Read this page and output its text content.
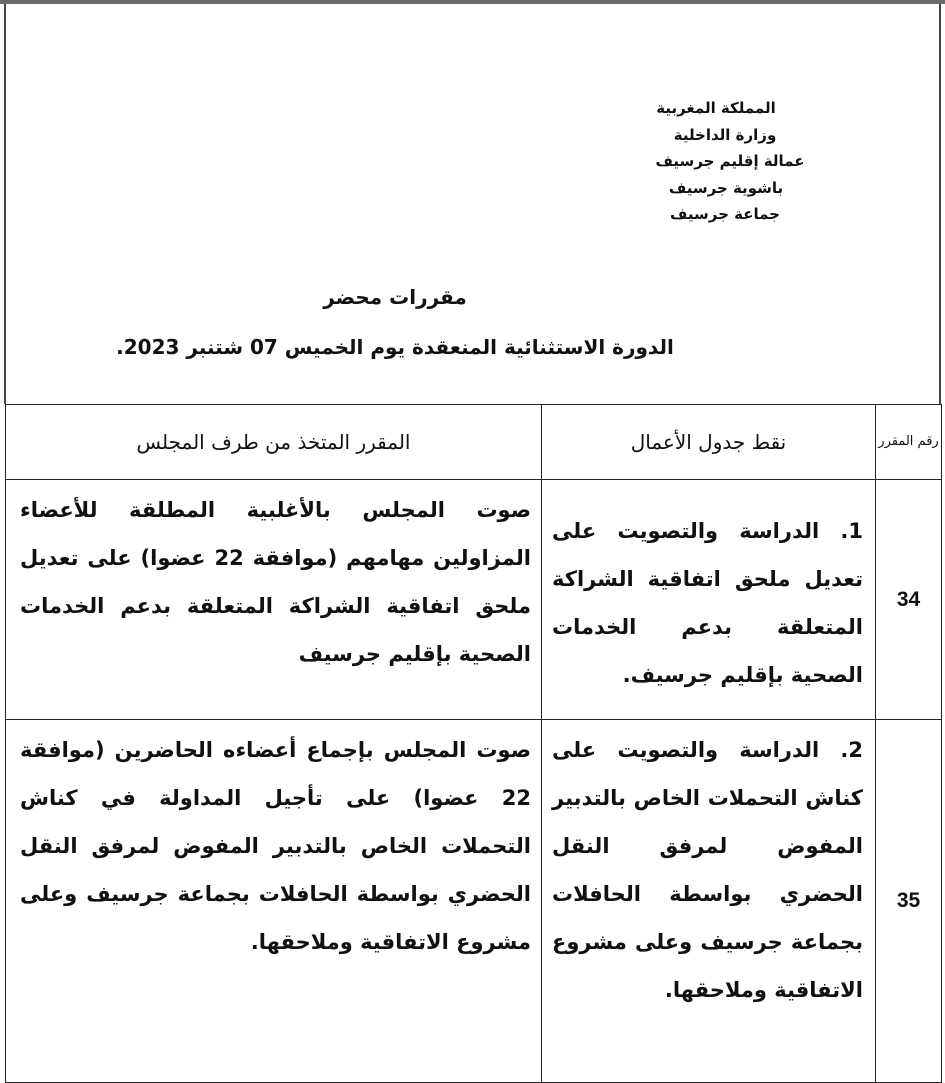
المملكة المغربية
وزارة الداخلية
عمالة إقليم جرسيف
باشوية جرسيف
جماعة جرسيف
مقررات محضر
الدورة الاستثنائية المنعقدة يوم الخميس 07 شتنبر 2023.
رقم المقرر	نقط جدول الأعمال	المقرر المتخذ من طرف المجلس
34	1. الدراسة والتصويت على تعديل ملحق اتفاقية الشراكة المتعلقة بدعم الخدمات الصحية بإقليم جرسيف.	صوت المجلس بالأغلبية المطلقة للأعضاء المزاولين مهامهم (موافقة 22 عضوا) على تعديل ملحق اتفاقية الشراكة المتعلقة بدعم الخدمات الصحية بإقليم جرسيف
35	2. الدراسة والتصويت على كناش التحملات الخاص بالتدبير المفوض لمرفق النقل الحضري بواسطة الحافلات بجماعة جرسيف وعلى مشروع الاتفاقية وملاحقها.	صوت المجلس بإجماع أعضاءه الحاضرين (موافقة 22 عضوا) على تأجيل المداولة في كناش التحملات الخاص بالتدبير المفوض لمرفق النقل الحضري بواسطة الحافلات بجماعة جرسيف وعلى مشروع الاتفاقية وملاحقها.
